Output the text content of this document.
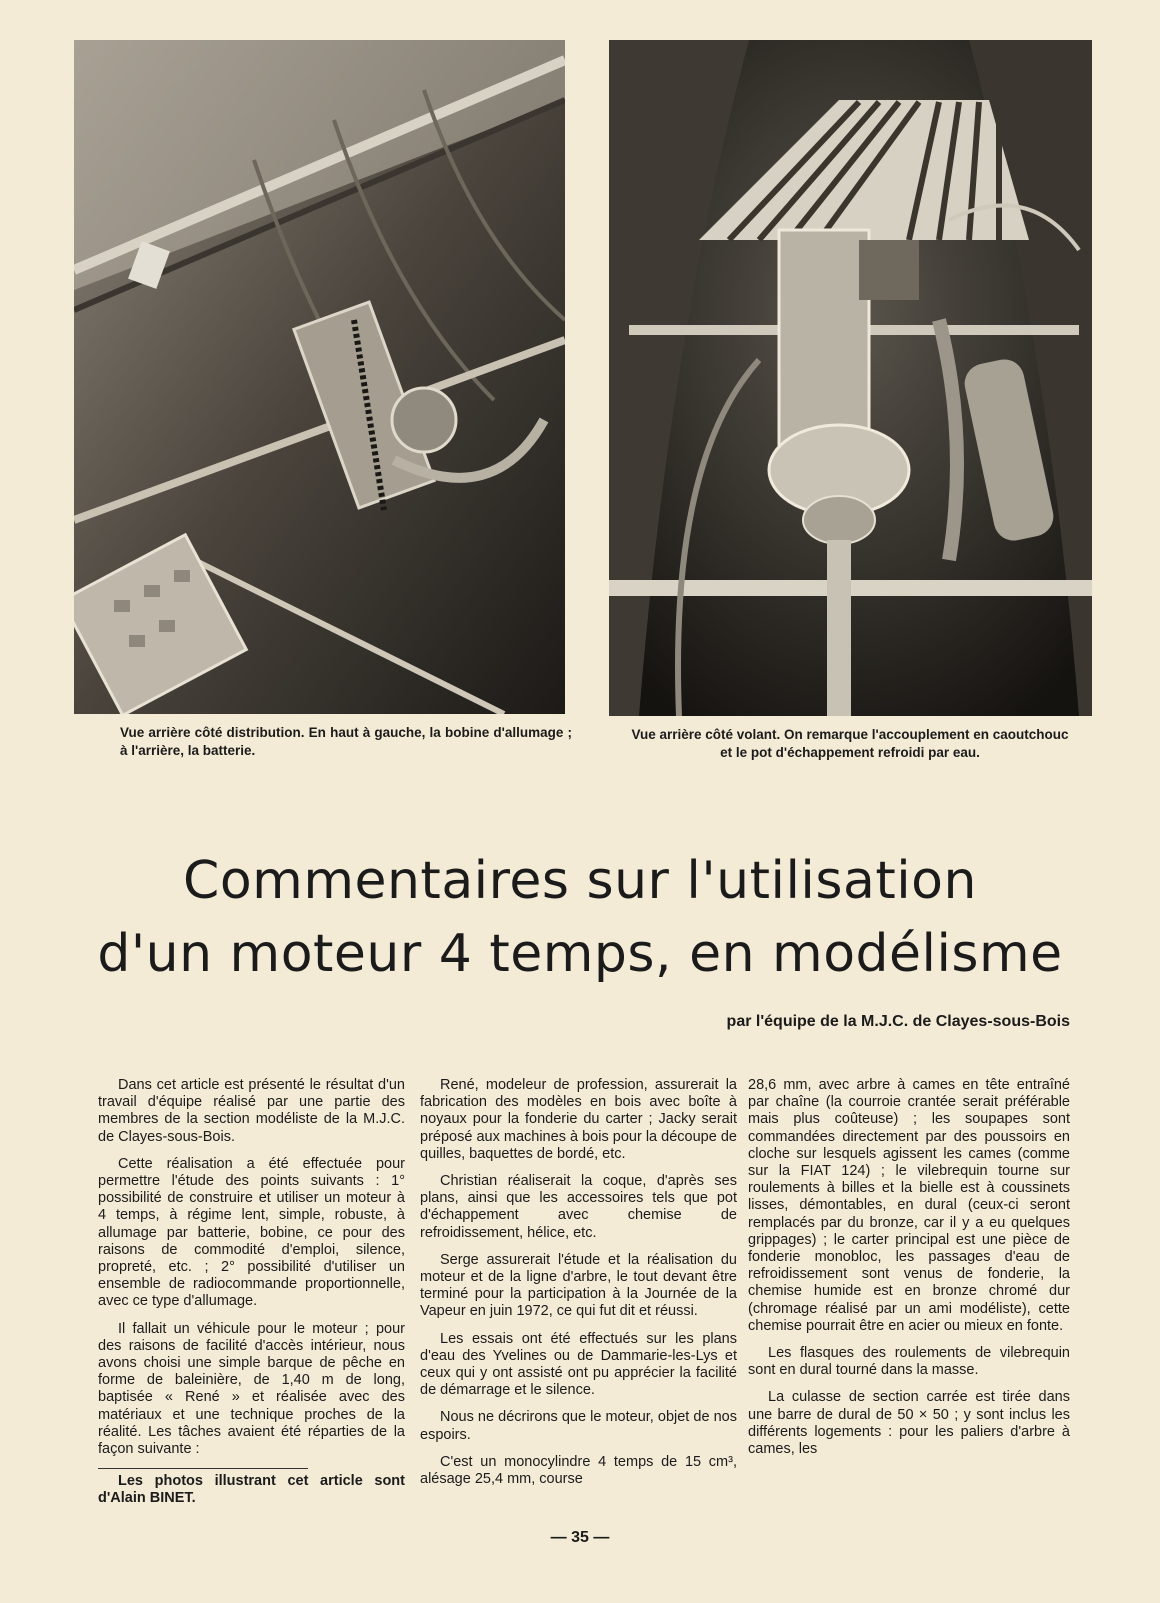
Vue arrière côté distribution. En haut à gauche, la bobine d'allumage ; à l'arrière, la batterie.
Vue arrière côté volant. On remarque l'accouplement en caoutchouc et le pot d'échappement refroidi par eau.
Commentaires sur l'utilisation
d'un moteur 4 temps, en modélisme
par l'équipe de la M.J.C. de Clayes-sous-Bois

Dans cet article est présenté le résultat d'un travail d'équipe réalisé par une partie des membres de la section modéliste de la M.J.C. de Clayes-sous-Bois.

Cette réalisation a été effectuée pour permettre l'étude des points suivants : 1° possibilité de construire et utiliser un moteur à 4 temps, à régime lent, simple, robuste, à allumage par batterie, bobine, ce pour des raisons de commodité d'emploi, silence, propreté, etc. ; 2° possibilité d'utiliser un ensemble de radiocommande proportionnelle, avec ce type d'allumage.

Il fallait un véhicule pour le moteur ; pour des raisons de facilité d'accès intérieur, nous avons choisi une simple barque de pêche en forme de baleinière, de 1,40 m de long, baptisée « René » et réalisée avec des matériaux et une technique proches de la réalité. Les tâches avaient été réparties de la façon suivante :

Les photos illustrant cet article sont d'Alain BINET.

René, modeleur de profession, assurerait la fabrication des modèles en bois avec boîte à noyaux pour la fonderie du carter ; Jacky serait préposé aux machines à bois pour la découpe de quilles, baquettes de bordé, etc.

Christian réaliserait la coque, d'après ses plans, ainsi que les accessoires tels que pot d'échappement avec chemise de refroidissement, hélice, etc.

Serge assurerait l'étude et la réalisation du moteur et de la ligne d'arbre, le tout devant être terminé pour la participation à la Journée de la Vapeur en juin 1972, ce qui fut dit et réussi.

Les essais ont été effectués sur les plans d'eau des Yvelines ou de Dammarie-les-Lys et ceux qui y ont assisté ont pu apprécier la facilité de démarrage et le silence.

Nous ne décrirons que le moteur, objet de nos espoirs.

C'est un monocylindre 4 temps de 15 cm³, alésage 25,4 mm, course

28,6 mm, avec arbre à cames en tête entraîné par chaîne (la courroie crantée serait préférable mais plus coûteuse) ; les soupapes sont commandées directement par des poussoirs en cloche sur lesquels agissent les cames (comme sur la FIAT 124) ; le vilebrequin tourne sur roulements à billes et la bielle est à coussinets lisses, démontables, en dural (ceux-ci seront remplacés par du bronze, car il y a eu quelques grippages) ; le carter principal est une pièce de fonderie monobloc, les passages d'eau de refroidissement sont venus de fonderie, la chemise humide est en bronze chromé dur (chromage réalisé par un ami modéliste), cette chemise pourrait être en acier ou mieux en fonte.

Les flasques des roulements de vilebrequin sont en dural tourné dans la masse.

La culasse de section carrée est tirée dans une barre de dural de 50 × 50 ; y sont inclus les différents logements : pour les paliers d'arbre à cames, les

— 35 —
